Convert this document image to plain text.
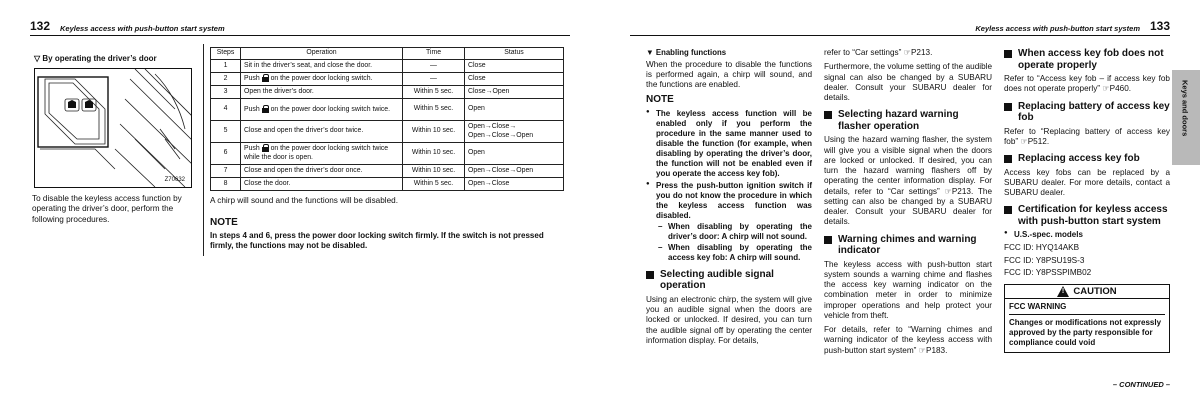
132 Keyless access with push-button start system
▽ By operating the driver’s door
Z70632
To disable the keyless access function by operating the driver’s door, perform the following procedures.
Steps	Operation	Time	Status
1	Sit in the driver’s seat, and close the door.	—	Close
2	Push on the power door locking switch.	—	Close
3	Open the driver’s door.	Within 5 sec.	Close→Open
4	Push on the power door locking switch twice.	Within 5 sec.	Open
5	Close and open the driver’s door twice.	Within 10 sec.	Open→Close→ Open→Close→Open
6	Push on the power door locking switch twice while the door is open.	Within 10 sec.	Open
7	Close and open the driver’s door once.	Within 10 sec.	Open→Close→Open
8	Close the door.	Within 5 sec.	Open→Close
A chirp will sound and the functions will be disabled.
NOTE
In steps 4 and 6, press the power door locking switch firmly. If the switch is not pressed firmly, the functions may not be disabled.
Keyless access with push-button start system 133
▼ Enabling functions

When the procedure to disable the functions is performed again, a chirp will sound, and the functions are enabled.

NOTE
● The keyless access function will be enabled only if you perform the procedure in the same manner used to disable the function (for example, when disabling by operating the driver’s door, the function will not be enabled even if you operate the access key fob).
● Press the push-button ignition switch if you do not know the procedure in which the keyless access function was disabled.
– When disabling by operating the driver’s door: A chirp will not sound.
– When disabling by operating the access key fob: A chirp will sound.
Selecting audible signal operation

Using an electronic chirp, the system will give you an audible signal when the doors are locked or unlocked. If desired, you can turn the audible signal off by operating the center information display. For details,

refer to “Car settings” ☞P213.

Furthermore, the volume setting of the audible signal can also be changed by a SUBARU dealer. Consult your SUBARU dealer for details.

Selecting hazard warning flasher operation

Using the hazard warning flasher, the system will give you a visible signal when the doors are locked or unlocked. If desired, you can turn the hazard warning flashers off by operating the center information display. For details, refer to “Car settings” ☞P213. The setting can also be changed by a SUBARU dealer. Consult your SUBARU dealer for details.

Warning chimes and warning indicator

The keyless access with push-button start system sounds a warning chime and flashes the access key warning indicator on the combination meter in order to minimize improper operations and help protect your vehicle from theft.

For details, refer to “Warning chimes and warning indicator of the keyless access with push-button start system” ☞P183.

When access key fob does not operate properly

Refer to “Access key fob – if access key fob does not operate properly” ☞P460.

Replacing battery of access key fob

Refer to “Replacing battery of access key fob” ☞P512.

Replacing access key fob

Access key fobs can be replaced by a SUBARU dealer. For more details, contact a SUBARU dealer.

Certification for keyless access with push-button start system
● U.S.-spec. models

FCC ID: HYQ14AKB

FCC ID: Y8PSU19S-3

FCC ID: Y8PSSPIMB02

! CAUTION
FCC WARNING
Changes or modifications not expressly approved by the party responsible for compliance could void
– CONTINUED –
Keys and doors
